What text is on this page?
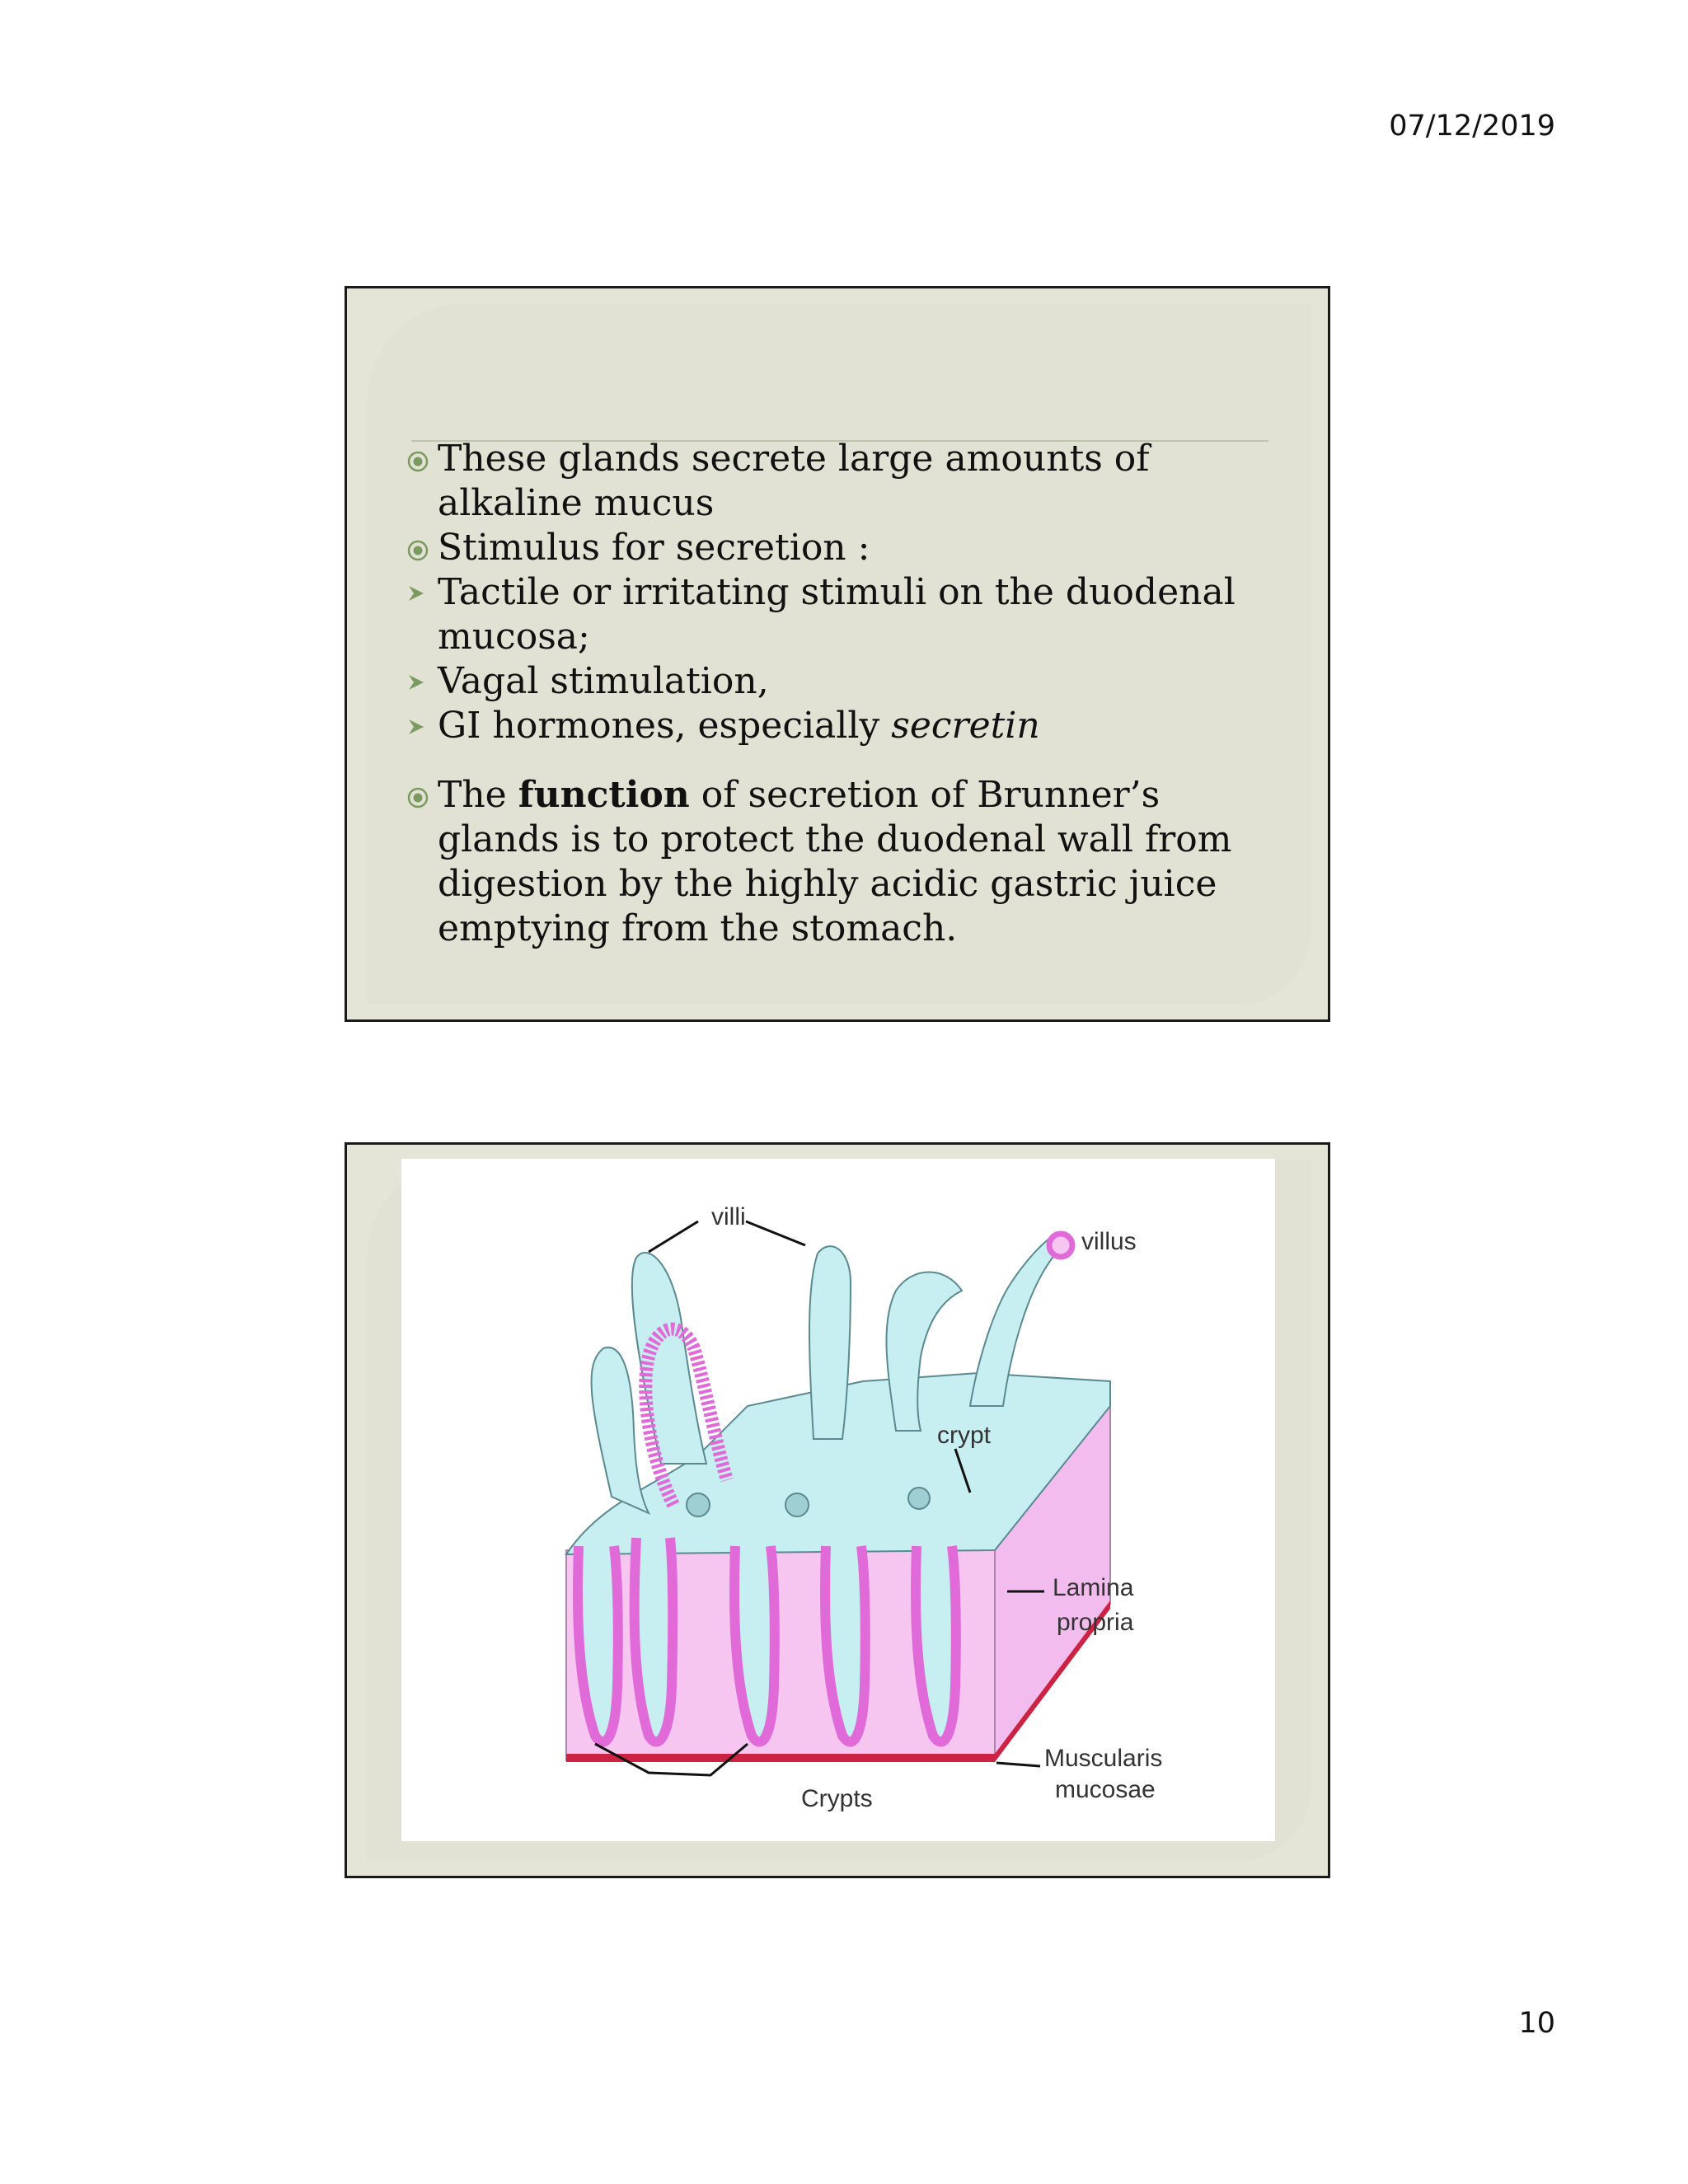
07/12/2019
These glands secrete large amounts of alkaline mucus
Stimulus for secretion :
Tactile or irritating stimuli on the duodenal mucosa;
Vagal stimulation,
GI hormones, especially secretin
The function of secretion of Brunner’s glands is to protect the duodenal wall from digestion by the highly acidic gastric juice emptying from the stomach.
villi
villus
crypt
Lamina
propria
Muscularis
mucosae
Crypts
10
